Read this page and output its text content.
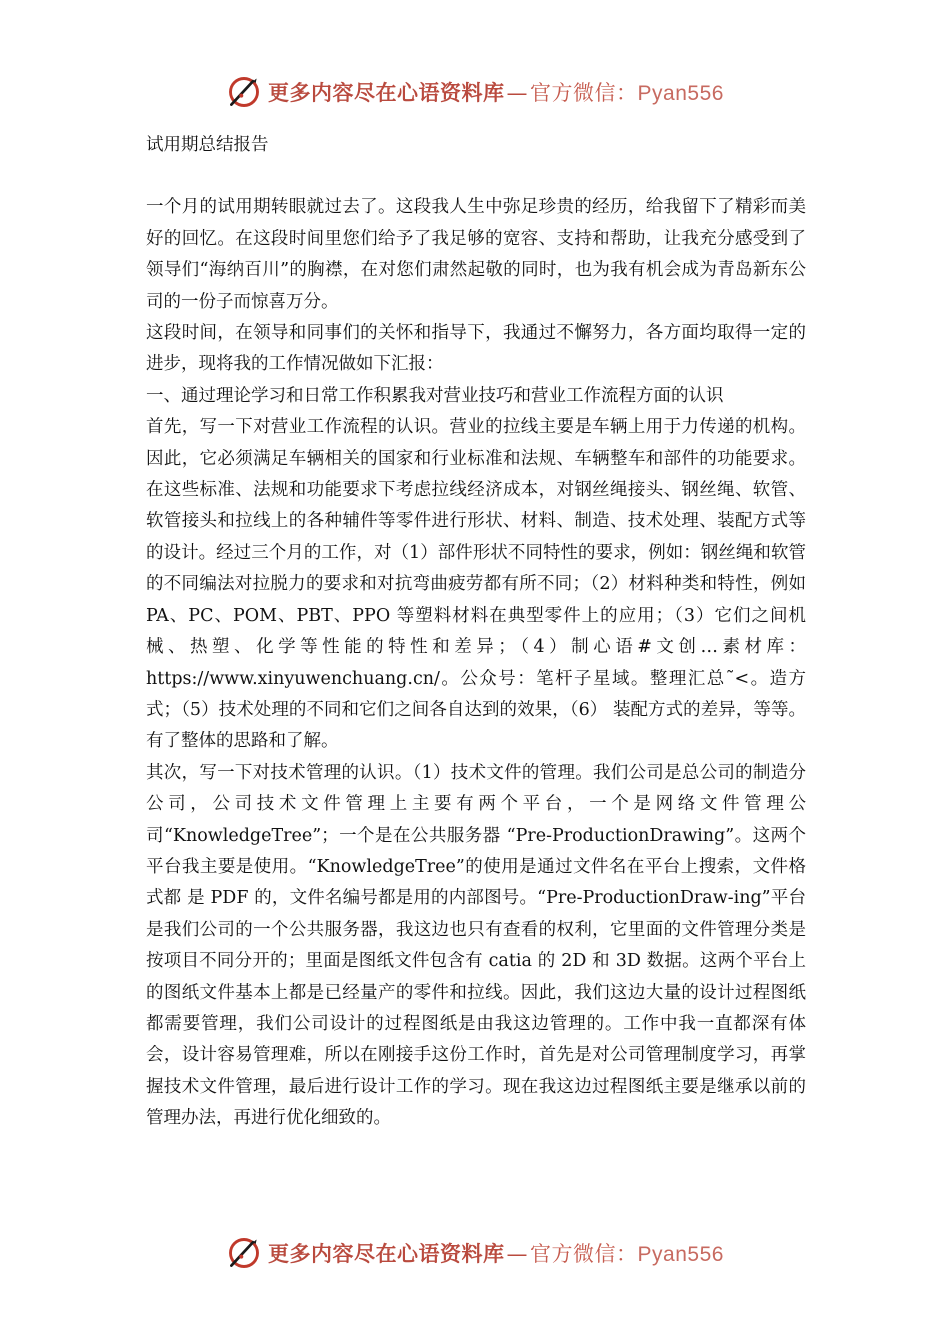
更多内容尽在心语资料库—官方微信：Pyan556
试用期总结报告

一个月的试用期转眼就过去了。这段我人生中弥足珍贵的经历，给我留下了精彩而美好的回忆。在这段时间里您们给予了我足够的宽容、支持和帮助，让我充分感受到了领导们“海纳百川”的胸襟，在对您们肃然起敬的同时，也为我有机会成为青岛新东公司的一份子而惊喜万分。

这段时间，在领导和同事们的关怀和指导下，我通过不懈努力，各方面均取得一定的进步，现将我的工作情况做如下汇报：

一、通过理论学习和日常工作积累我对营业技巧和营业工作流程方面的认识

首先，写一下对营业工作流程的认识。营业的拉线主要是车辆上用于力传递的机构。因此，它必须满足车辆相关的国家和行业标准和法规、车辆整车和部件的功能要求。在这些标准、法规和功能要求下考虑拉线经济成本，对钢丝绳接头、钢丝绳、软管、软管接头和拉线上的各种辅件等零件进行形状、材料、制造、技术处理、装配方式等的设计。经过三个月的工作，对（1）部件形状不同特性的要求，例如：钢丝绳和软管的不同编法对拉脱力的要求和对抗弯曲疲劳都有所不同；（2）材料种类和特性，例如 PA、PC、POM、PBT、PPO 等塑料材料在典型零件上的应用；（3）它们之间机械、热塑、化学等性能的特性和差异；（4）制心语#文创…素材库：https://www.xinyuwenchuang.cn/。公众号：笔杆子星域。整理汇总˜<。造方式；（5）技术处理的不同和它们之间各自达到的效果，（6） 装配方式的差异，等等。有了整体的思路和了解。

其次，写一下对技术管理的认识。（1）技术文件的管理。我们公司是总公司的制造分公司，公司技术文件管理上主要有两个平台，一个是网络文件管理公司“KnowledgeTree”；一个是在公共服务器 “Pre-ProductionDrawing”。这两个平台我主要是使用。“KnowledgeTree”的使用是通过文件名在平台上搜索，文件格式都 是 PDF 的，文件名编号都是用的内部图号。“Pre-ProductionDraw-ing”平台是我们公司的一个公共服务器，我这边也只有查看的权利，它里面的文件管理分类是按项目不同分开的；里面是图纸文件包含有 catia 的 2D 和 3D 数据。这两个平台上的图纸文件基本上都是已经量产的零件和拉线。因此，我们这边大量的设计过程图纸都需要管理，我们公司设计的过程图纸是由我这边管理的。工作中我一直都深有体会，设计容易管理难，所以在刚接手这份工作时，首先是对公司管理制度学习，再掌握技术文件管理，最后进行设计工作的学习。现在我这边过程图纸主要是继承以前的管理办法，再进行优化细致的。

更多内容尽在心语资料库—官方微信：Pyan556
